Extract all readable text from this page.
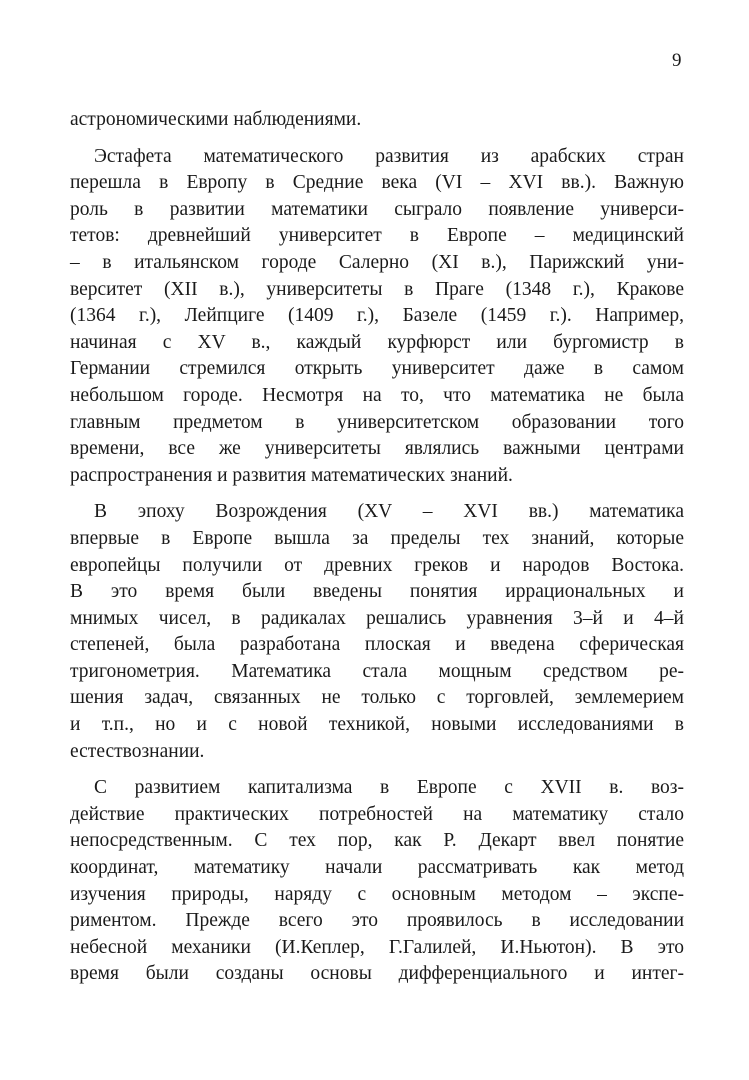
9
астрономическими наблюдениями.
Эстафета математического развития из арабских стран
перешла в Европу в Средние века (VI – XVI вв.). Важную
роль в развитии математики сыграло появление универси-
тетов: древнейший университет в Европе – медицинский
– в итальянском городе Салерно (XI в.), Парижский уни-
верситет (XII в.), университеты в Праге (1348 г.), Кракове
(1364 г.), Лейпциге (1409 г.), Базеле (1459 г.). Например,
начиная с XV в., каждый курфюрст или бургомистр в
Германии стремился открыть университет даже в самом
небольшом городе. Несмотря на то, что математика не была
главным предметом в университетском образовании того
времени, все же университеты являлись важными центрами
распространения и развития математических знаний.
В эпоху Возрождения (XV – XVI вв.) математика
впервые в Европе вышла за пределы тех знаний, которые
европейцы получили от древних греков и народов Востока.
В это время были введены понятия иррациональных и
мнимых чисел, в радикалах решались уравнения 3–й и 4–й
степеней, была разработана плоская и введена сферическая
тригонометрия. Математика стала мощным средством ре-
шения задач, связанных не только с торговлей, землемерием
и т.п., но и с новой техникой, новыми исследованиями в
естествознании.
С развитием капитализма в Европе с XVII в. воз-
действие практических потребностей на математику стало
непосредственным. С тех пор, как Р. Декарт ввел понятие
координат, математику начали рассматривать как метод
изучения природы, наряду с основным методом – экспе-
риментом. Прежде всего это проявилось в исследовании
небесной механики (И.Кеплер, Г.Галилей, И.Ньютон). В это
время были созданы основы дифференциального и интег-
